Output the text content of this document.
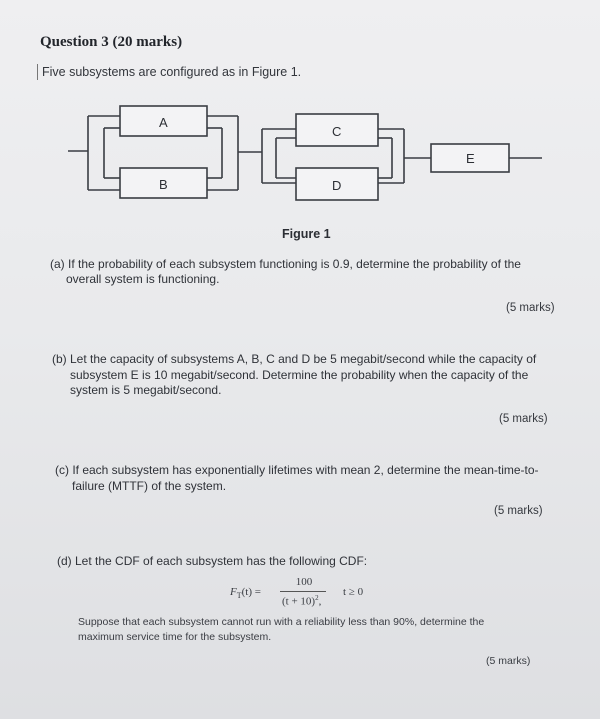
Question 3 (20 marks)
Five subsystems are configured as in Figure 1.
A
B
C
D
E
Figure 1
(a) If the probability of each subsystem functioning is 0.9, determine the probability of the
overall system is functioning.
(5 marks)
(b) Let the capacity of subsystems A, B, C and D be 5 megabit/second while the capacity of
subsystem E is 10 megabit/second. Determine the probability when the capacity of the
system is 5 megabit/second.
(5 marks)
(c) If each subsystem has exponentially lifetimes with mean 2, determine the mean-time-to-
failure (MTTF) of the system.
(5 marks)
(d) Let the CDF of each subsystem has the following CDF:
$F_T(t)$ =
100
$(t + 10)^2$,
t ≥ 0
Suppose that each subsystem cannot run with a reliability less than 90%, determine the
maximum service time for the subsystem.
(5 marks)
